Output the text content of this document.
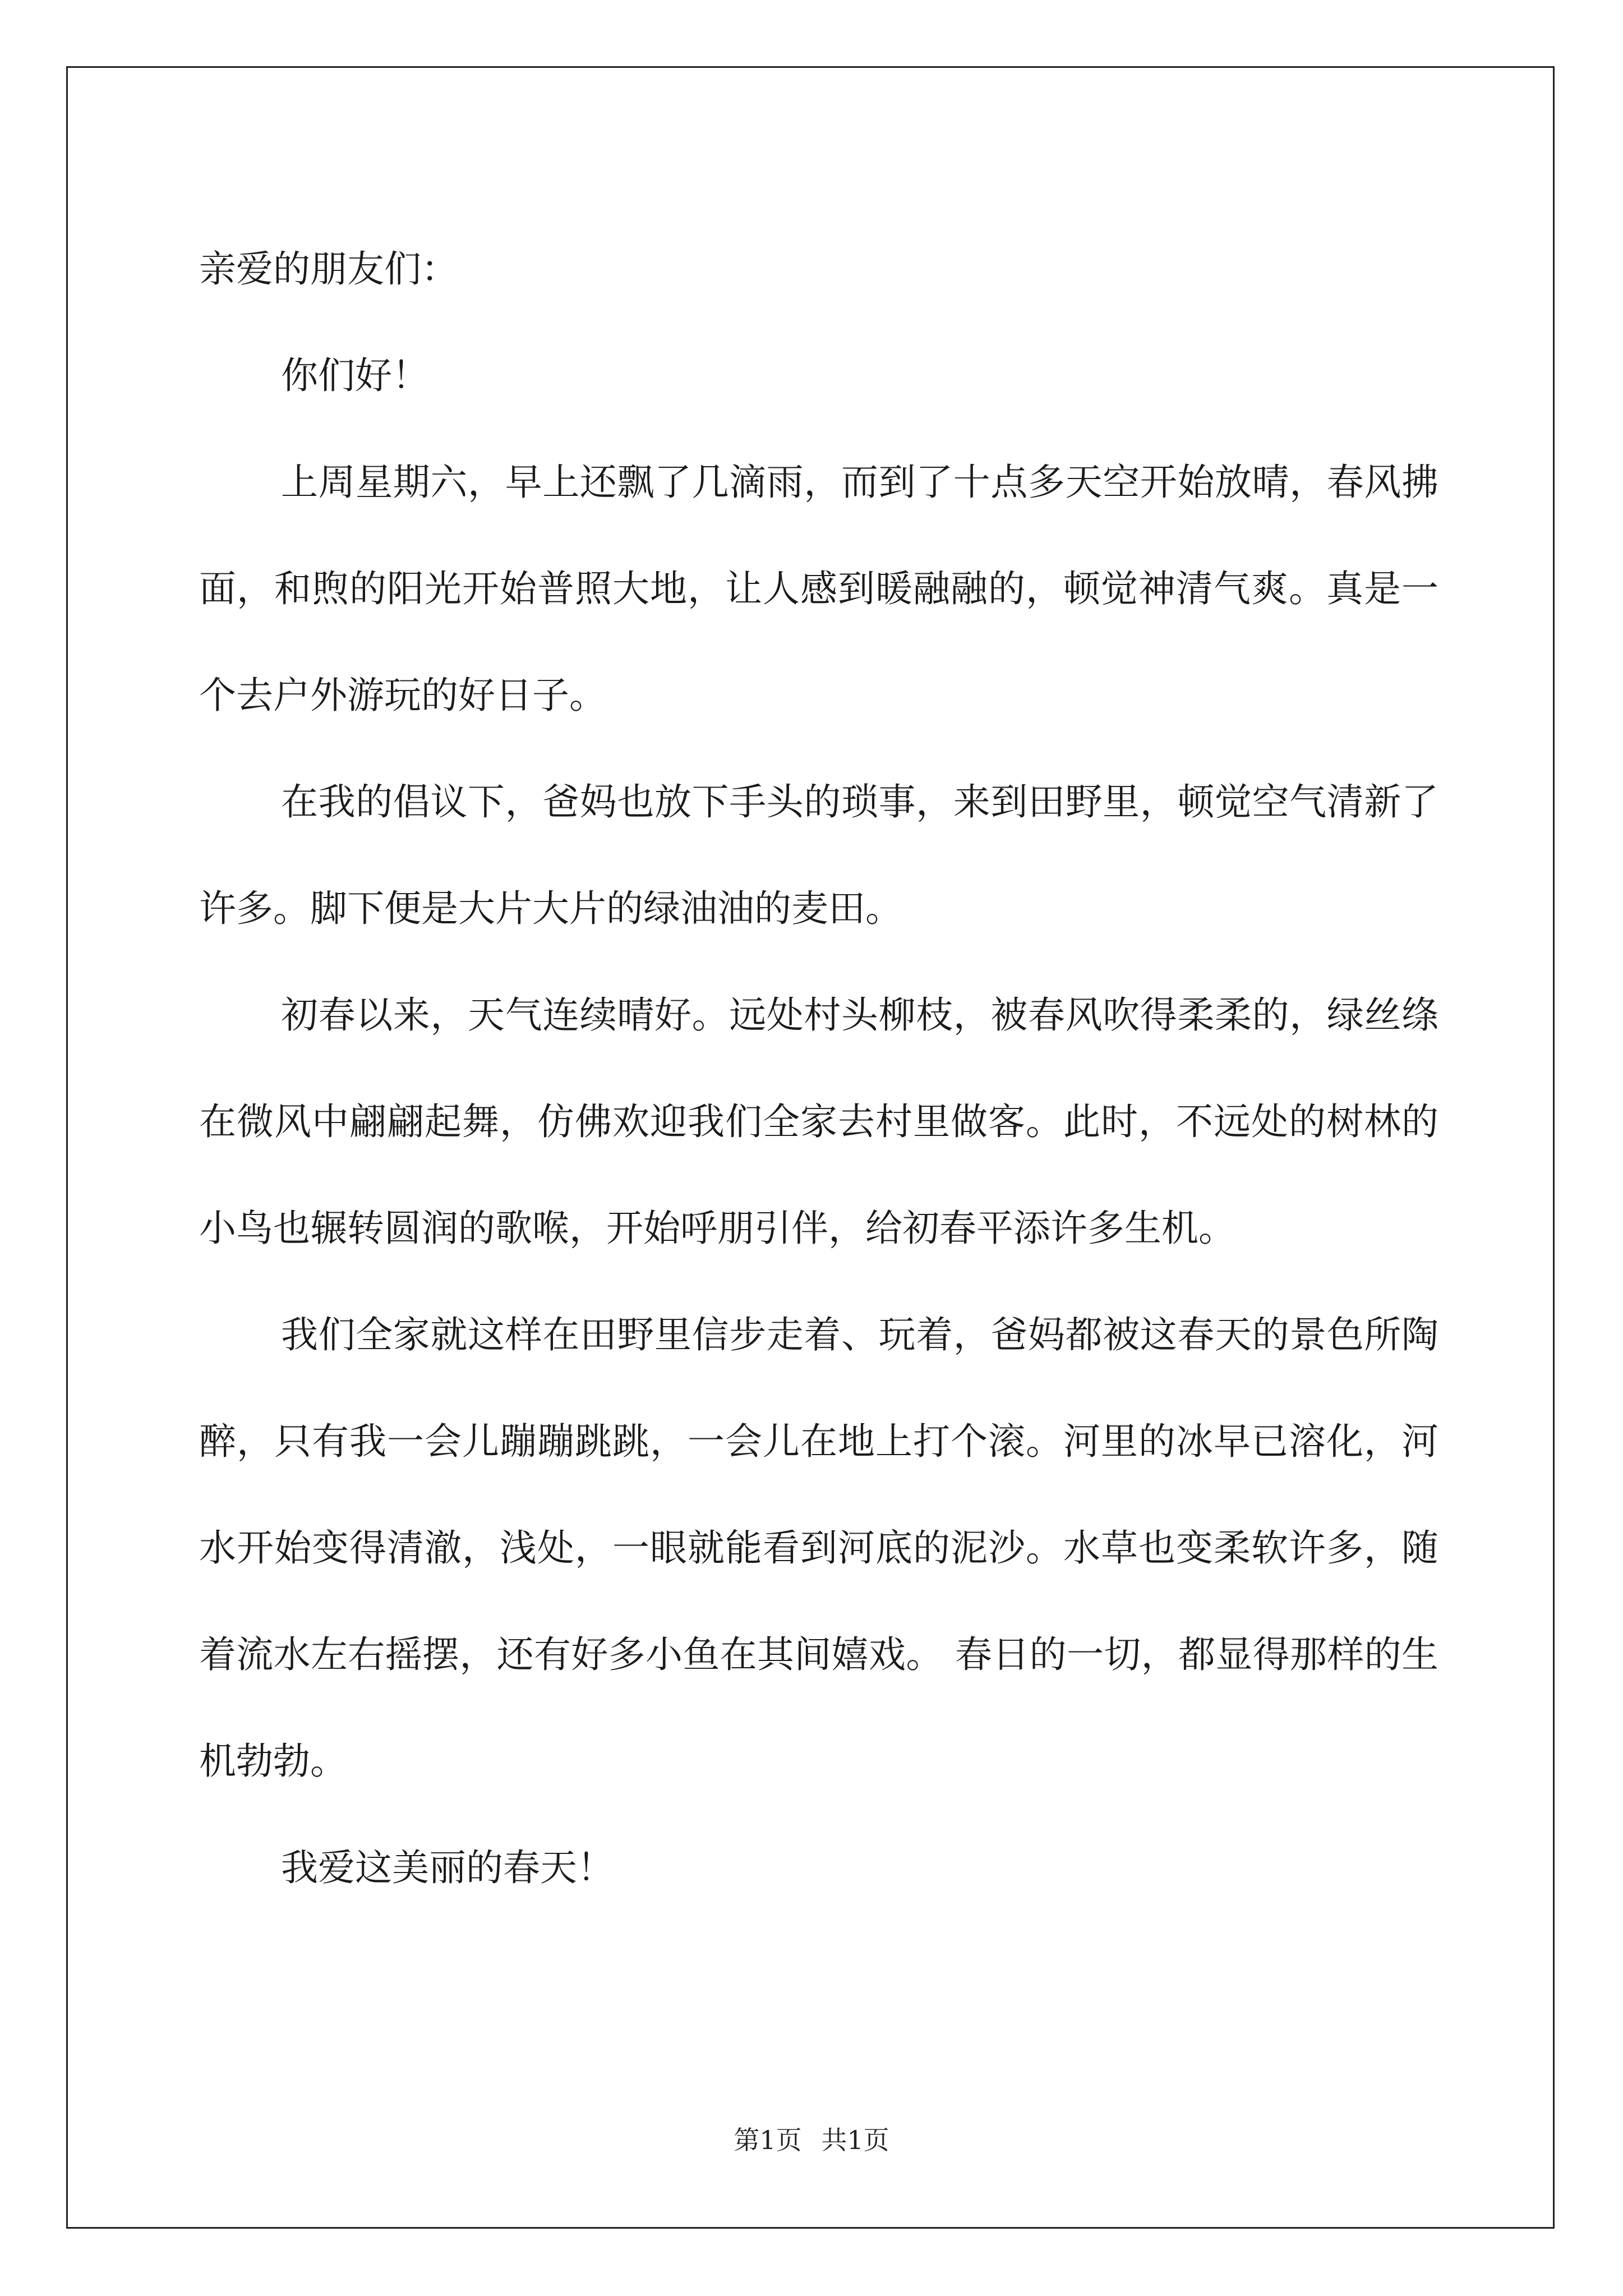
亲爱的朋友们：

你们好！

上周星期六，早上还飘了几滴雨，而到了十点多天空开始放晴，春风拂面，和煦的阳光开始普照大地，让人感到暖融融的，顿觉神清气爽。真是一个去户外游玩的好日子。

在我的倡议下，爸妈也放下手头的琐事，来到田野里，顿觉空气清新了许多。脚下便是大片大片的绿油油的麦田。

初春以来，天气连续晴好。远处村头柳枝，被春风吹得柔柔的，绿丝绦在微风中翩翩起舞，仿佛欢迎我们全家去村里做客。此时，不远处的树林的小鸟也辗转圆润的歌喉，开始呼朋引伴，给初春平添许多生机。

我们全家就这样在田野里信步走着、玩着，爸妈都被这春天的景色所陶醉，只有我一会儿蹦蹦跳跳，一会儿在地上打个滚。河里的冰早已溶化，河水开始变得清澈，浅处，一眼就能看到河底的泥沙。水草也变柔软许多，随着流水左右摇摆，还有好多小鱼在其间嬉戏。 春日的一切，都显得那样的生机勃勃。

我爱这美丽的春天！

第1页 共1页
